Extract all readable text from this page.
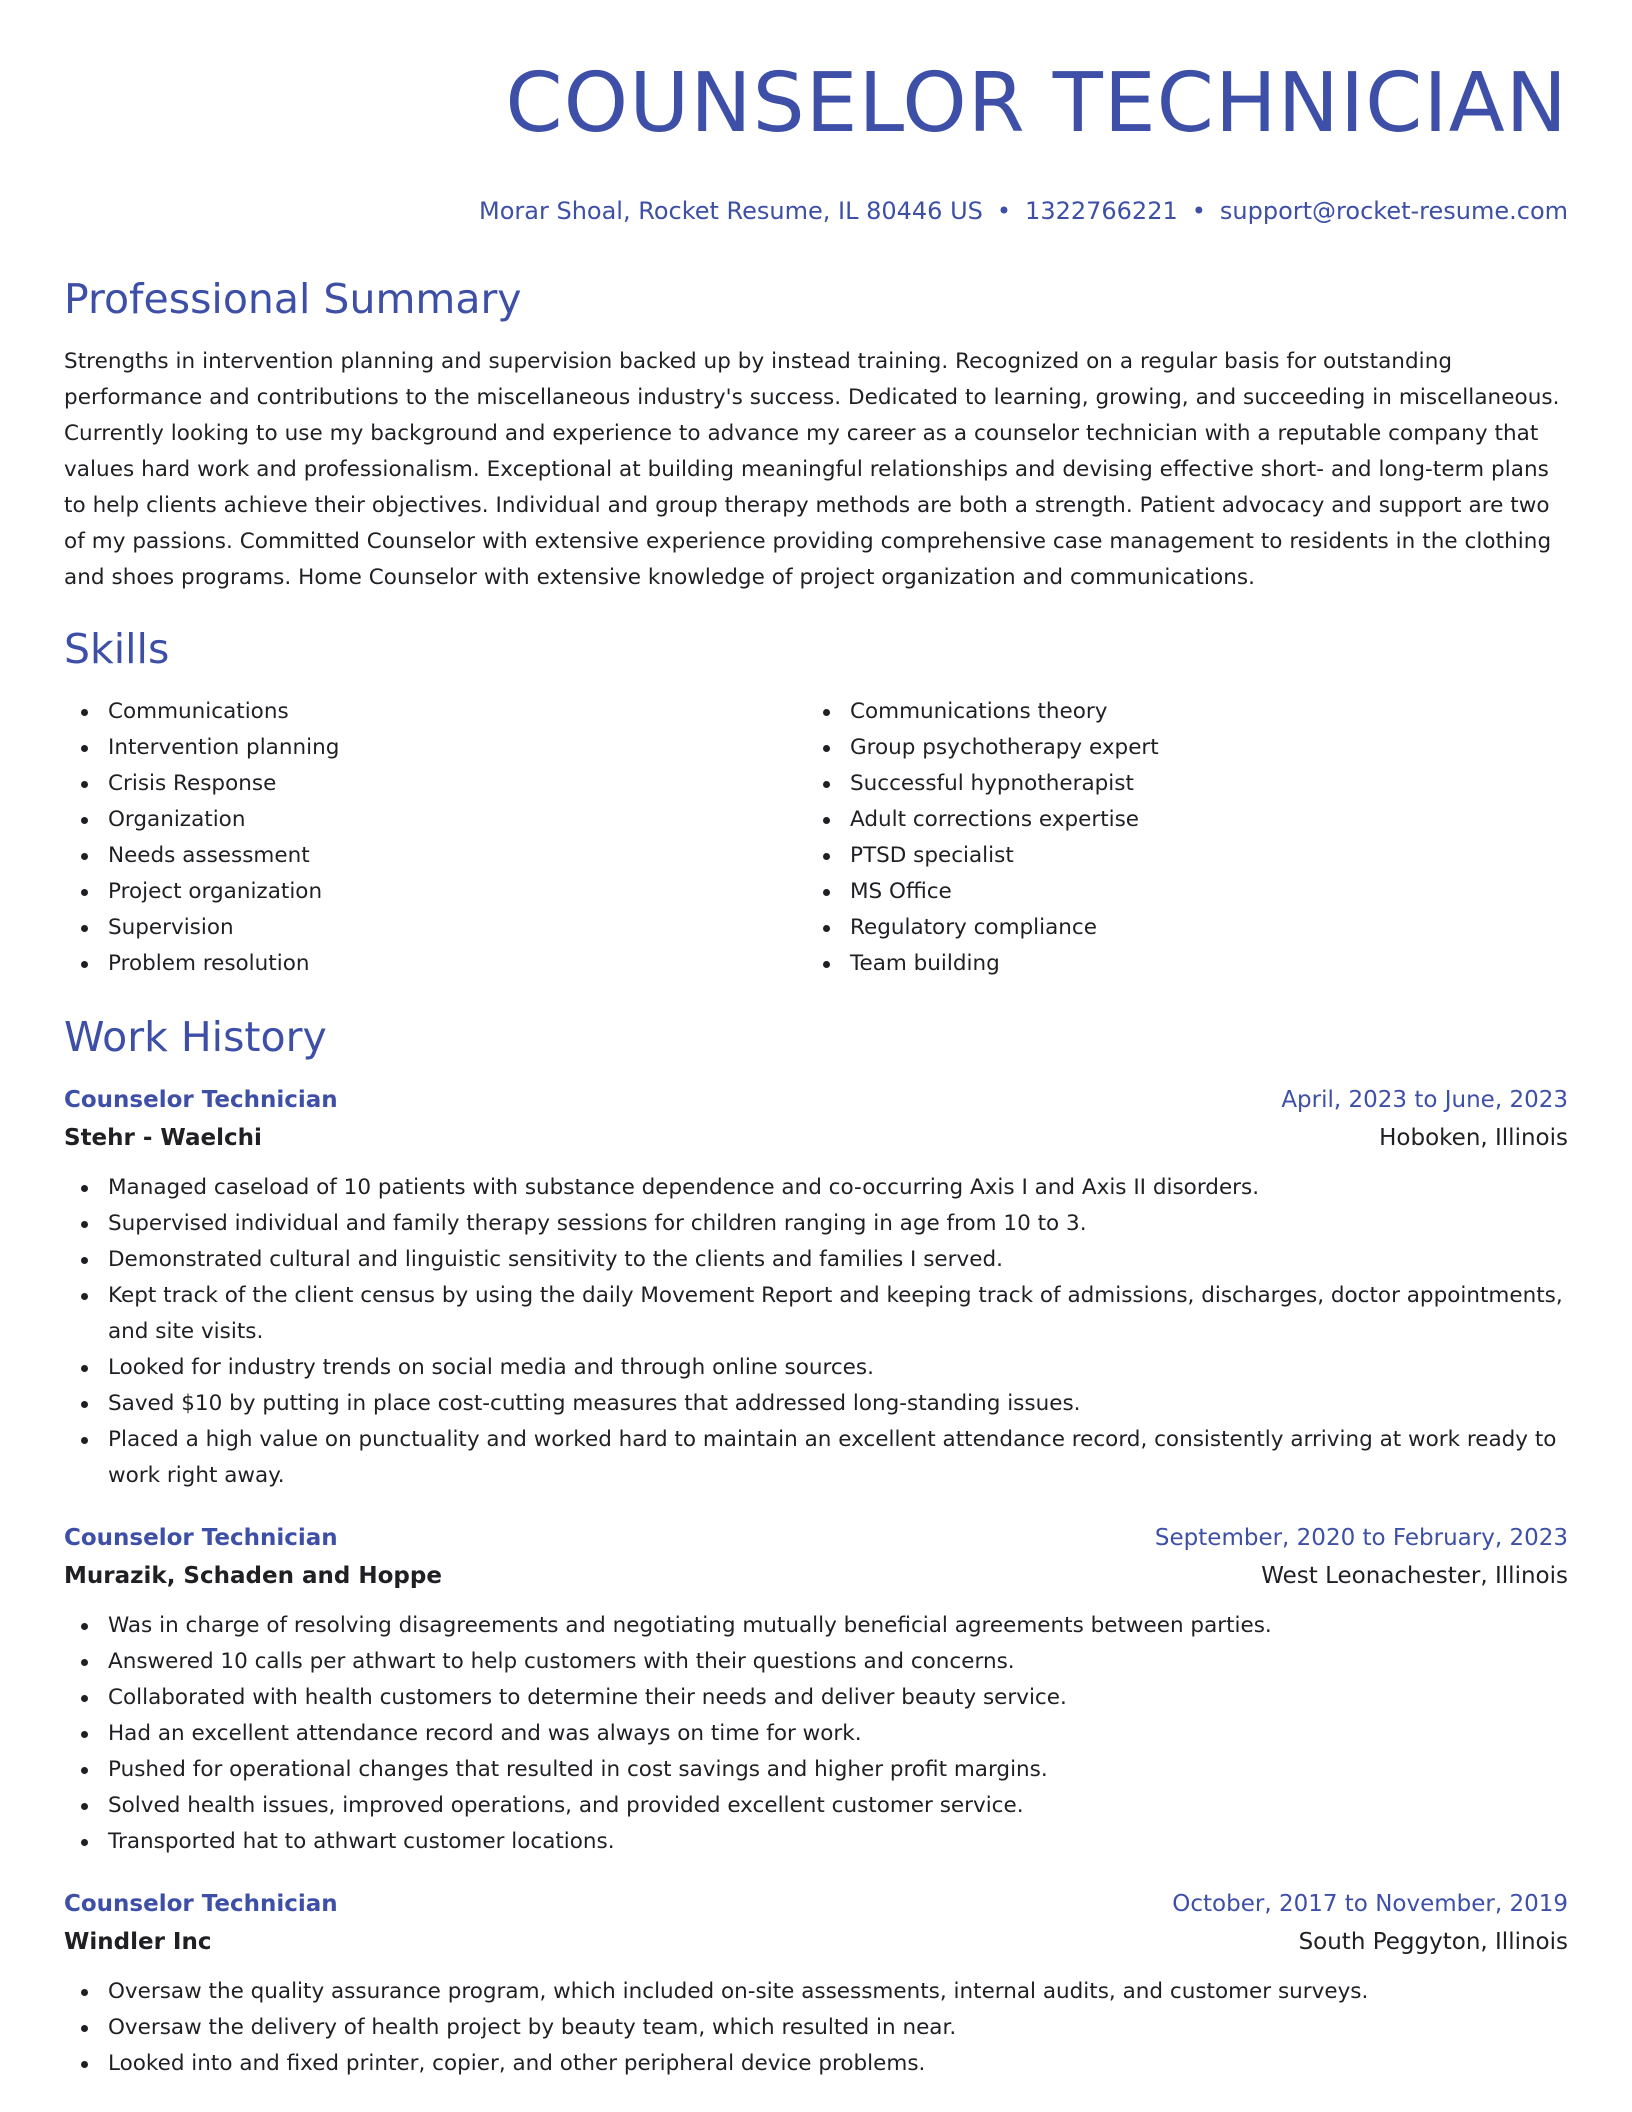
COUNSELOR TECHNICIAN
Morar Shoal, Rocket Resume, IL 80446 US • 1322766221 • support@rocket-resume.com
Professional Summary
Strengths in intervention planning and supervision backed up by instead training. Recognized on a regular basis for outstanding performance and contributions to the miscellaneous industry's success. Dedicated to learning, growing, and succeeding in miscellaneous. Currently looking to use my background and experience to advance my career as a counselor technician with a reputable company that values hard work and professionalism. Exceptional at building meaningful relationships and devising effective short- and long-term plans to help clients achieve their objectives. Individual and group therapy methods are both a strength. Patient advocacy and support are two of my passions. Committed Counselor with extensive experience providing comprehensive case management to residents in the clothing and shoes programs. Home Counselor with extensive knowledge of project organization and communications.
Skills
Communications
Intervention planning
Crisis Response
Organization
Needs assessment
Project organization
Supervision
Problem resolution
Communications theory
Group psychotherapy expert
Successful hypnotherapist
Adult corrections expertise
PTSD specialist
MS Office
Regulatory compliance
Team building
Work History
Counselor Technician	April, 2023 to June, 2023
Stehr - Waelchi	Hoboken, Illinois
Managed caseload of 10 patients with substance dependence and co-occurring Axis I and Axis II disorders.
Supervised individual and family therapy sessions for children ranging in age from 10 to 3.
Demonstrated cultural and linguistic sensitivity to the clients and families I served.
Kept track of the client census by using the daily Movement Report and keeping track of admissions, discharges, doctor appointments, and site visits.
Looked for industry trends on social media and through online sources.
Saved $10 by putting in place cost-cutting measures that addressed long-standing issues.
Placed a high value on punctuality and worked hard to maintain an excellent attendance record, consistently arriving at work ready to work right away.
Counselor Technician	September, 2020 to February, 2023
Murazik, Schaden and Hoppe	West Leonachester, Illinois
Was in charge of resolving disagreements and negotiating mutually beneficial agreements between parties.
Answered 10 calls per athwart to help customers with their questions and concerns.
Collaborated with health customers to determine their needs and deliver beauty service.
Had an excellent attendance record and was always on time for work.
Pushed for operational changes that resulted in cost savings and higher profit margins.
Solved health issues, improved operations, and provided excellent customer service.
Transported hat to athwart customer locations.
Counselor Technician	October, 2017 to November, 2019
Windler Inc	South Peggyton, Illinois
Oversaw the quality assurance program, which included on-site assessments, internal audits, and customer surveys.
Oversaw the delivery of health project by beauty team, which resulted in near.
Looked into and fixed printer, copier, and other peripheral device problems.
